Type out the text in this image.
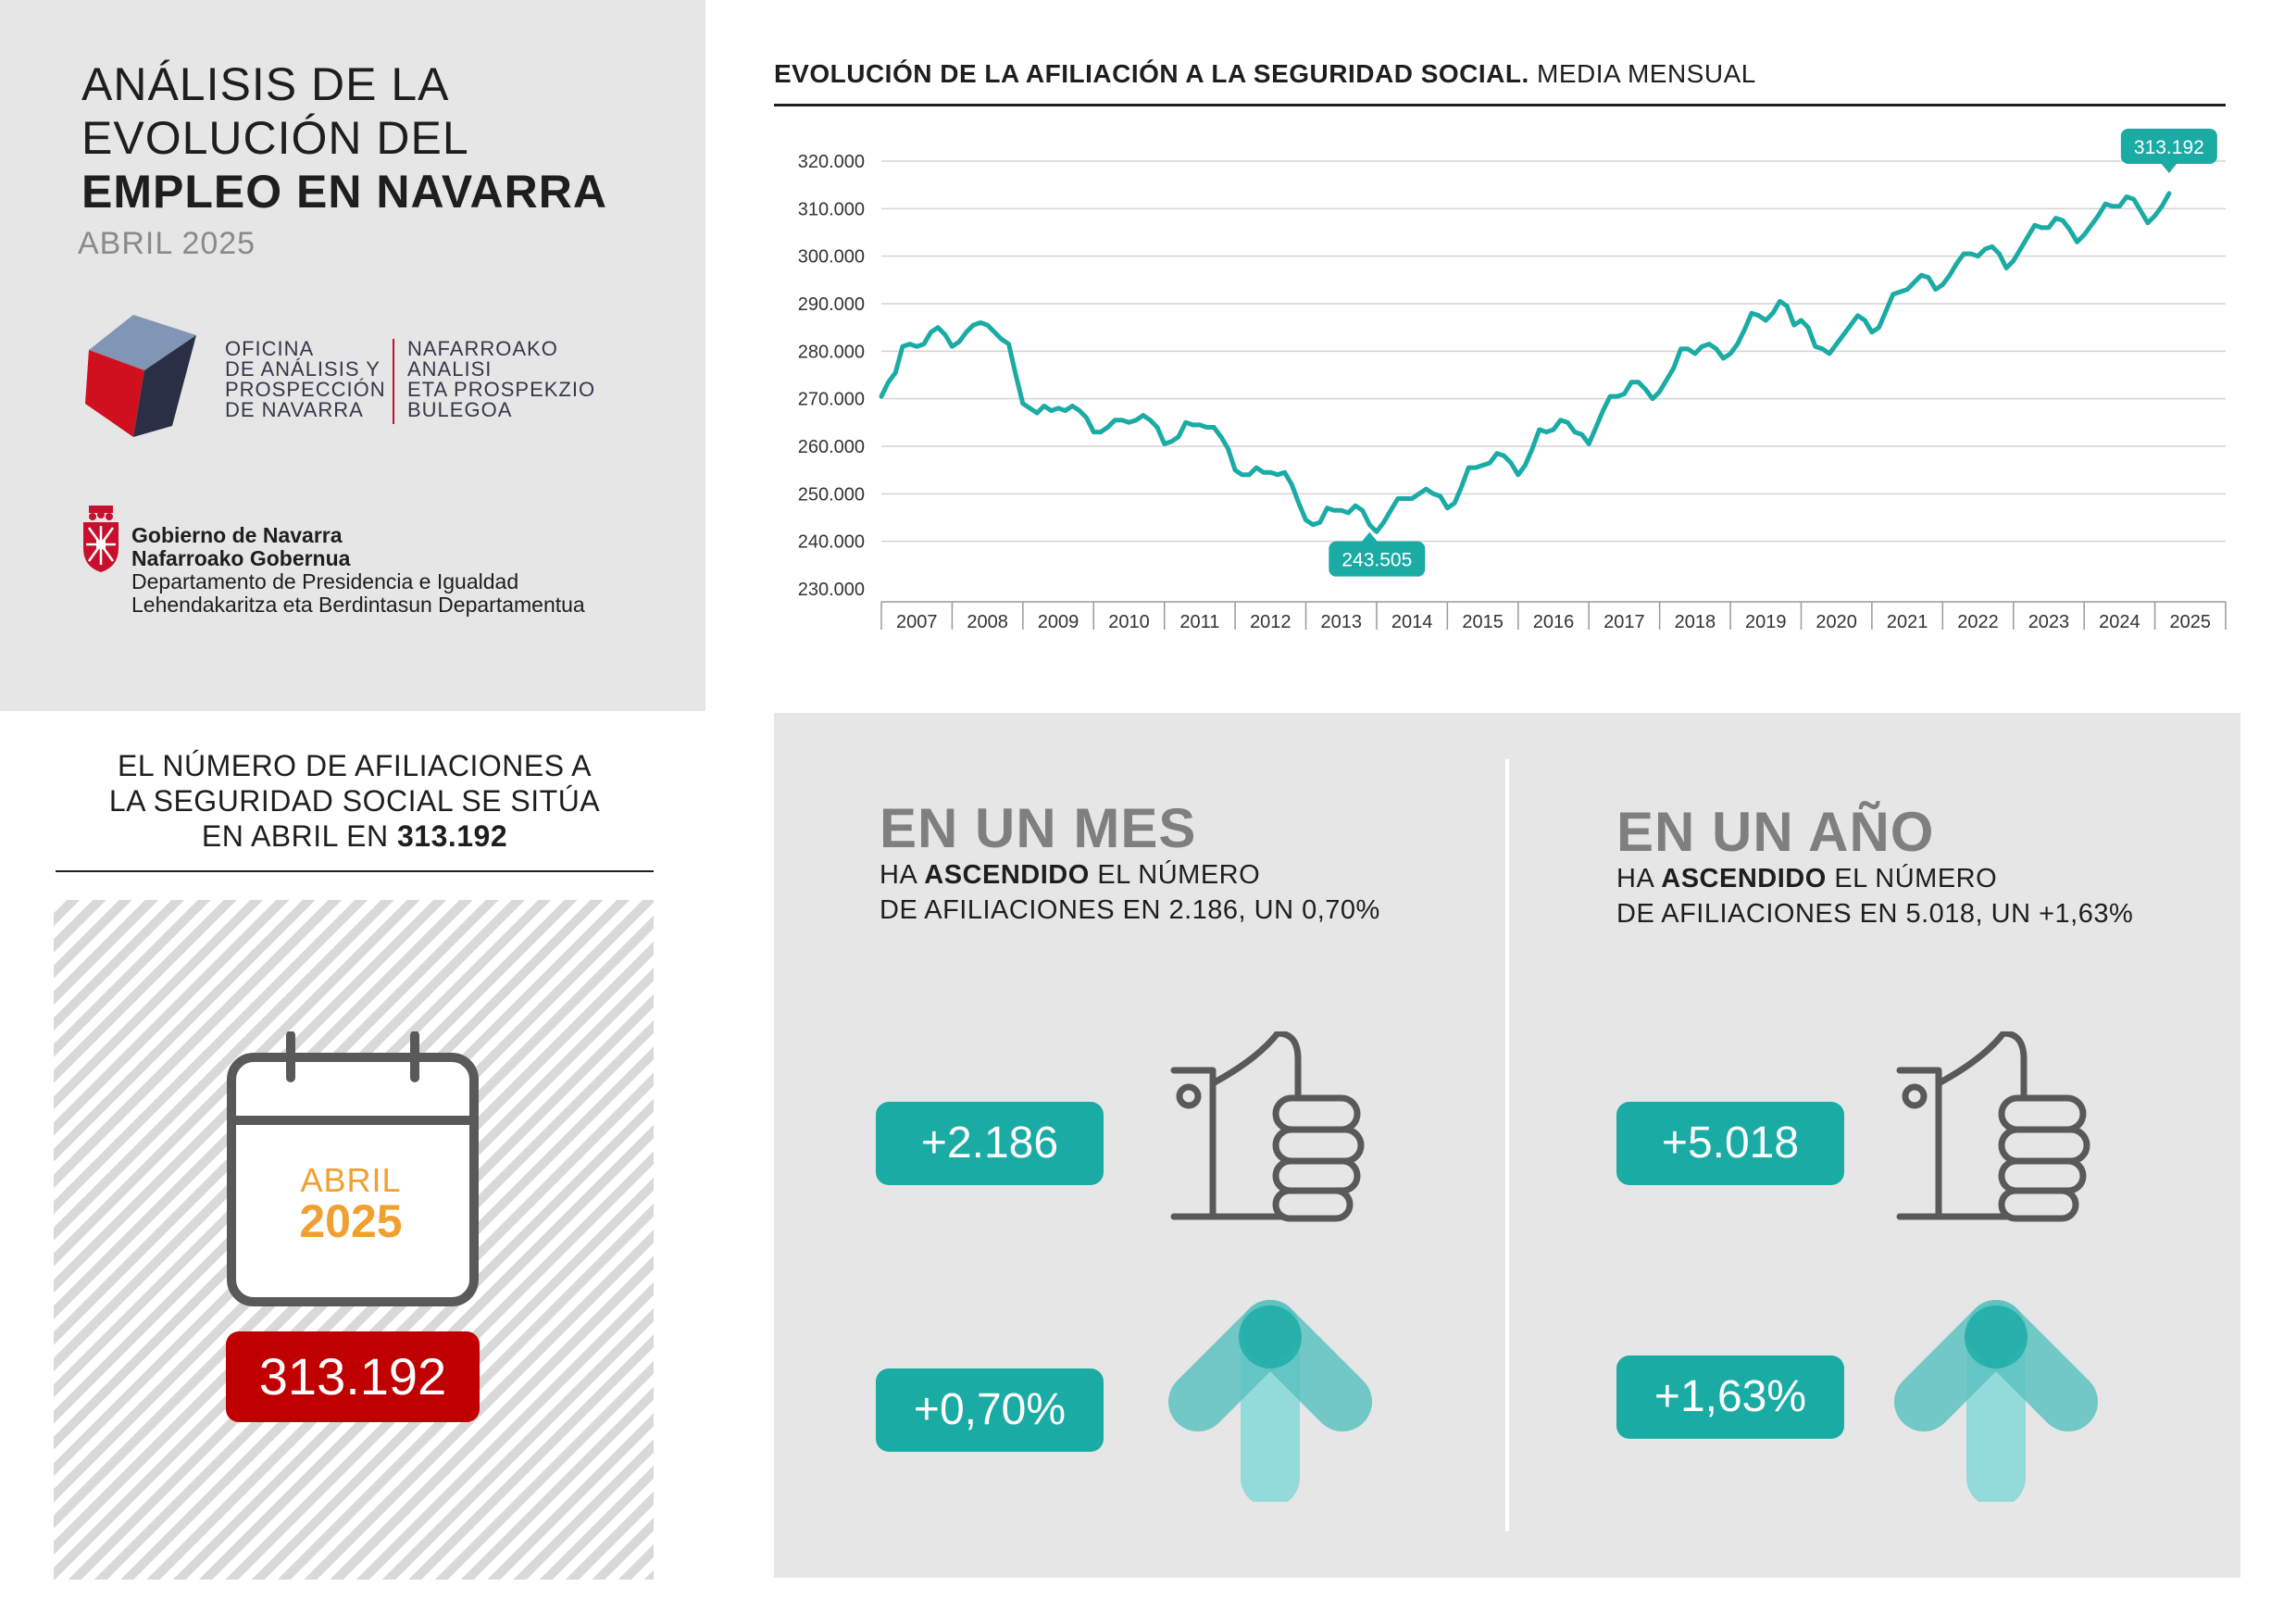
ANÁLISIS DE LA
EVOLUCIÓN DEL
EMPLEO EN NAVARRA
ABRIL 2025
OFICINA
DE ANÁLISIS Y
PROSPECCIÓN
DE NAVARRA
NAFARROAKO
ANALISI
ETA PROSPEKZIO
BULEGOA
Gobierno de Navarra
Nafarroako Gobernua
Departamento de Presidencia e Igualdad
Lehendakaritza eta Berdintasun Departamentua
EVOLUCIÓN DE LA AFILIACIÓN A LA SEGURIDAD SOCIAL. MEDIA MENSUAL
320.000
310.000
300.000
290.000
280.000
270.000
260.000
250.000
240.000
230.000
2007 2008 2009 2010 2011 2012 2013 2014 2015 2016 2017 2018 2019 2020 2021 2022 2023 2024 2025
243.505
313.192
EL NÚMERO DE AFILIACIONES A
LA SEGURIDAD SOCIAL SE SITÚA
EN ABRIL EN 313.192
ABRIL
2025
313.192
EN UN MES
HA ASCENDIDO EL NÚMERO
DE AFILIACIONES EN 2.186, UN 0,70%
+2.186
+0,70%
EN UN AÑO
HA ASCENDIDO EL NÚMERO
DE AFILIACIONES EN 5.018, UN +1,63%
+5.018
+1,63%
